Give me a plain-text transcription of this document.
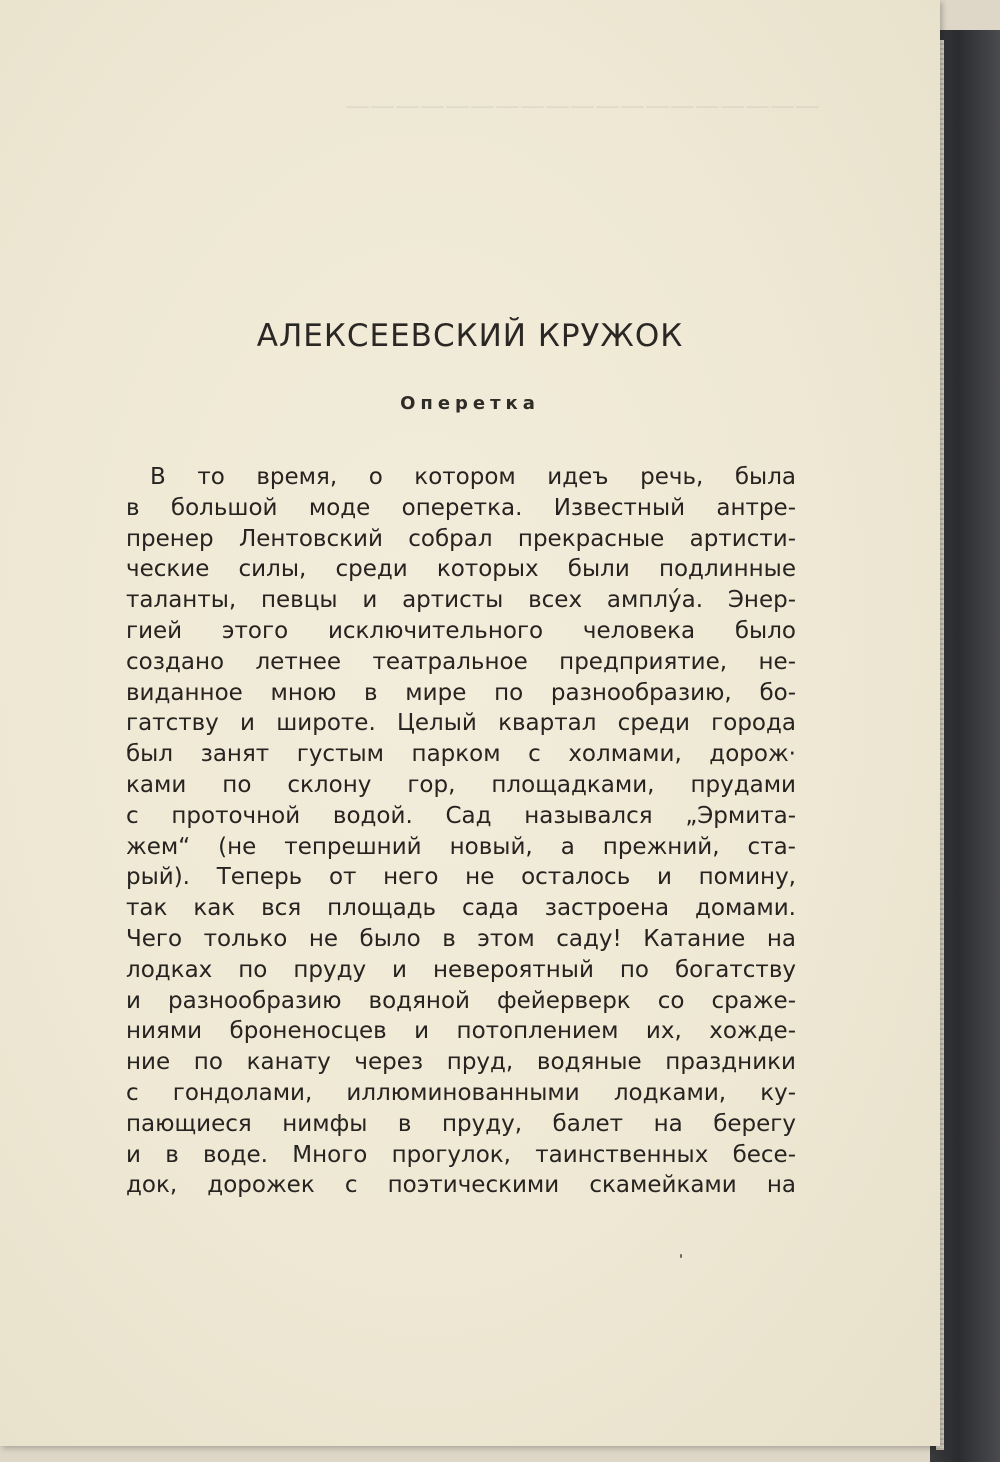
———————————————————
АЛЕКСЕЕВСКИЙ КРУЖОК
Оперетка
В то время, о котором идеъ речь, была
в большой моде оперетка. Известный антре-
пренер Лентовский собрал прекрасные артисти-
ческие силы, среди которых были подлинные
таланты, певцы и артисты всех амплу́а. Энер-
гией этого исключительного человека было
создано летнее театральное предприятие, не-
виданное мною в мире по разнообразию, бо-
гатству и широте. Целый квартал среди города
был занят густым парком с холмами, дорож·
ками по склону гор, площадками, прудами
с проточной водой. Сад назывался „Эрмита-
жем“ (не тепрешний новый, а прежний, ста-
рый). Теперь от него не осталось и помину,
так как вся площадь сада застроена домами.
Чего только не было в этом саду! Катание на
лодках по пруду и невероятный по богатству
и разнообразию водяной фейерверк со сраже-
ниями броненосцев и потоплением их, хожде-
ние по канату через пруд, водяные праздники
с гондолами, иллюминованными лодками, ку-
пающиеся нимфы в пруду, балет на берегу
и в воде. Много прогулок, таинственных бесе-
док, дорожек с поэтическими скамейками на
